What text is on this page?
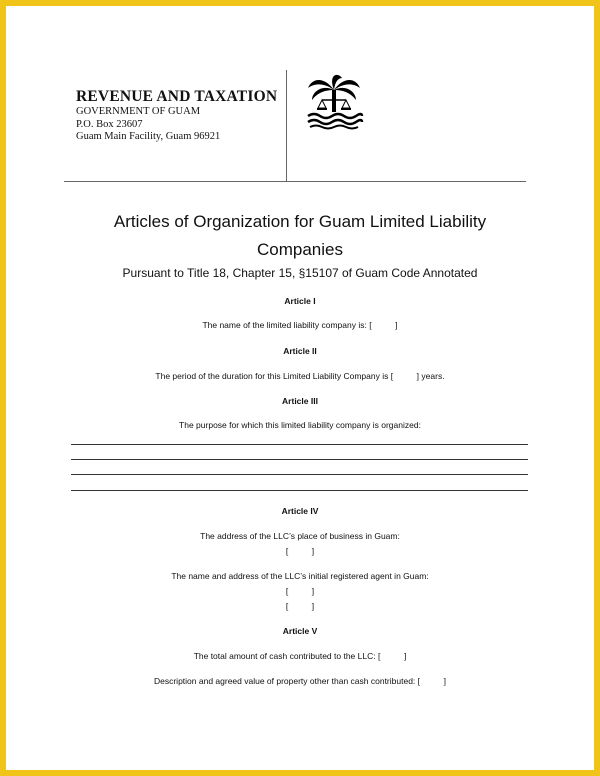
REVENUE AND TAXATION
GOVERNMENT OF GUAM
P.O. Box 23607
Guam Main Facility, Guam 96921
Articles of Organization for Guam Limited Liability
Companies
Pursuant to Title 18, Chapter 15, §15107 of Guam Code Annotated
Article I
The name of the limited liability company is: [          ]
Article II
The period of the duration for this Limited Liability Company is [          ] years.
Article III
The purpose for which this limited liability company is organized:
Article IV
The address of the LLC’s place of business in Guam:
[          ]
The name and address of the LLC’s initial registered agent in Guam:
[          ]
[          ]
Article V
The total amount of cash contributed to the LLC: [          ]
Description and agreed value of property other than cash contributed: [          ]
